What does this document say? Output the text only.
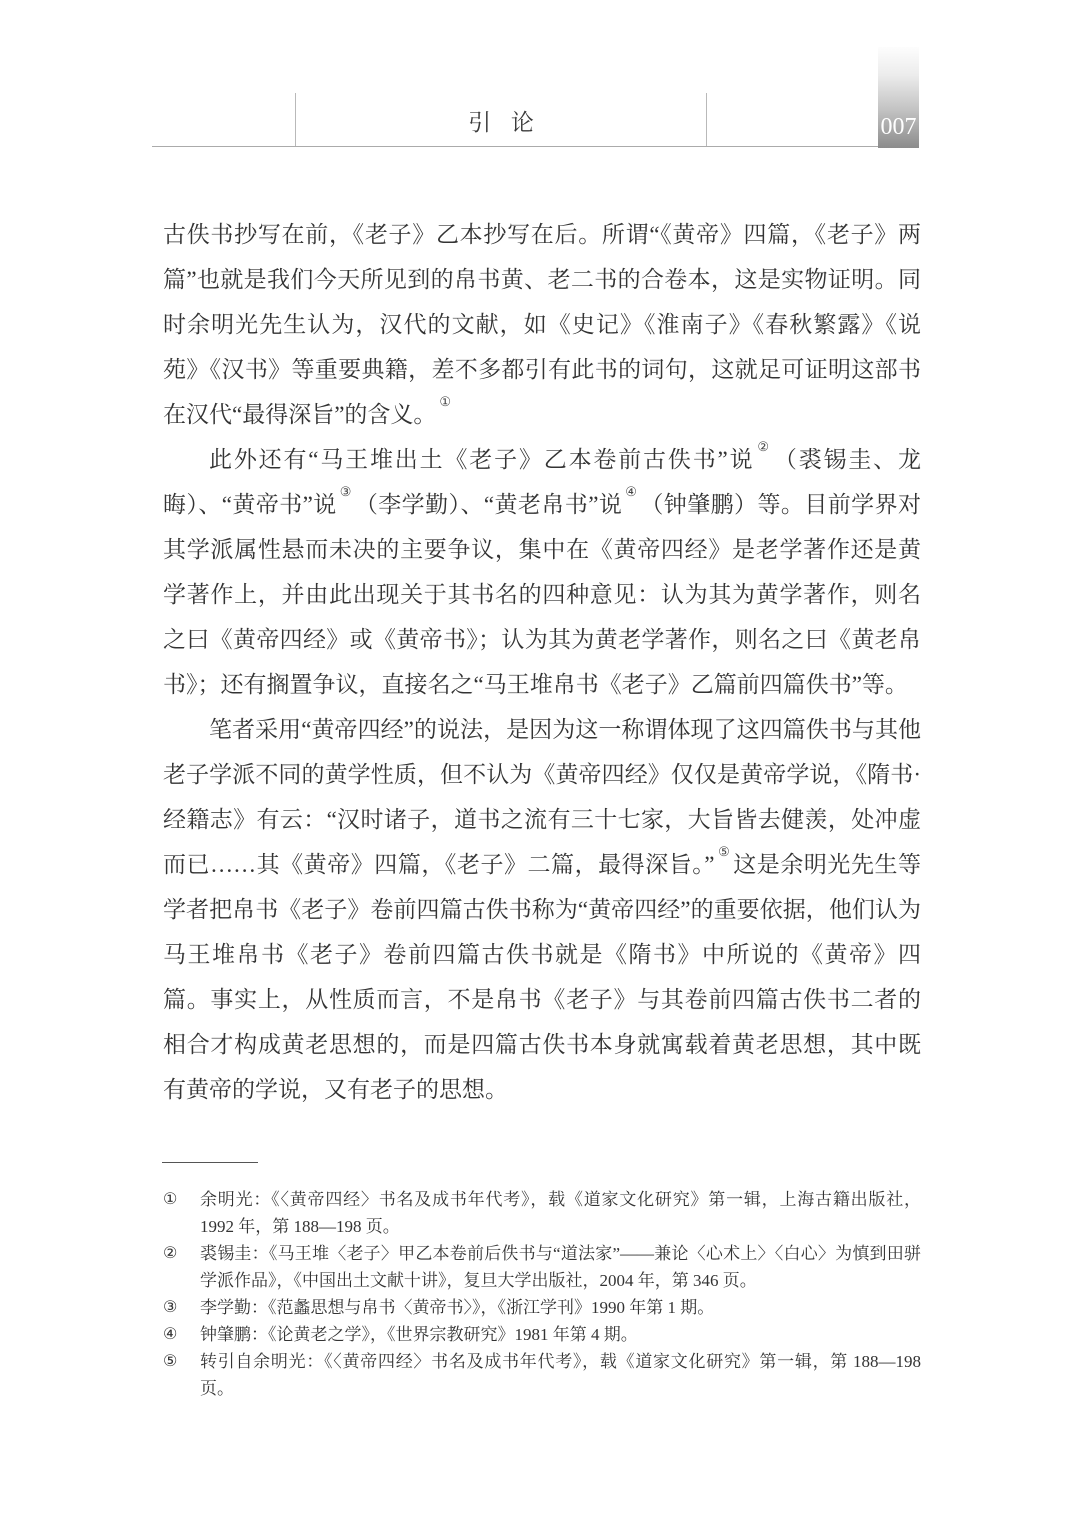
引 论	007

古佚书抄写在前，《老子》乙本抄写在后。所谓“《黄帝》四篇，《老子》两篇”也就是我们今天所见到的帛书黄、老二书的合卷本，这是实物证明。同时余明光先生认为，汉代的文献，如《史记》《淮南子》《春秋繁露》《说苑》《汉书》等重要典籍，差不多都引有此书的词句，这就足可证明这部书在汉代“最得深旨”的含义。①

此外还有“马王堆出土《老子》乙本卷前古佚书”说②（裘锡圭、龙晦）、“黄帝书”说③（李学勤）、“黄老帛书”说④（钟肇鹏）等。目前学界对其学派属性悬而未决的主要争议，集中在《黄帝四经》是老学著作还是黄学著作上，并由此出现关于其书名的四种意见：认为其为黄学著作，则名之曰《黄帝四经》或《黄帝书》；认为其为黄老学著作，则名之曰《黄老帛书》；还有搁置争议，直接名之“马王堆帛书《老子》乙篇前四篇佚书”等。

笔者采用“黄帝四经”的说法，是因为这一称谓体现了这四篇佚书与其他老子学派不同的黄学性质，但不认为《黄帝四经》仅仅是黄帝学说，《隋书·经籍志》有云：“汉时诸子，道书之流有三十七家，大旨皆去健羡，处冲虚而已……其《黄帝》四篇，《老子》二篇，最得深旨。”⑤这是余明光先生等学者把帛书《老子》卷前四篇古佚书称为“黄帝四经”的重要依据，他们认为马王堆帛书《老子》卷前四篇古佚书就是《隋书》中所说的《黄帝》四篇。事实上，从性质而言，不是帛书《老子》与其卷前四篇古佚书二者的相合才构成黄老思想的，而是四篇古佚书本身就寓载着黄老思想，其中既有黄帝的学说，又有老子的思想。

①	余明光：《〈黄帝四经〉书名及成书年代考》，载《道家文化研究》第一辑，上海古籍出版社，1992 年，第 188—198 页。
②	裘锡圭：《马王堆〈老子〉甲乙本卷前后佚书与“道法家”——兼论〈心术上〉〈白心〉为慎到田骈学派作品》，《中国出土文献十讲》，复旦大学出版社，2004 年，第 346 页。
③	李学勤：《范蠡思想与帛书〈黄帝书〉》，《浙江学刊》1990 年第 1 期。
④	钟肇鹏：《论黄老之学》，《世界宗教研究》1981 年第 4 期。
⑤	转引自余明光：《〈黄帝四经〉书名及成书年代考》，载《道家文化研究》第一辑，第 188—198 页。
